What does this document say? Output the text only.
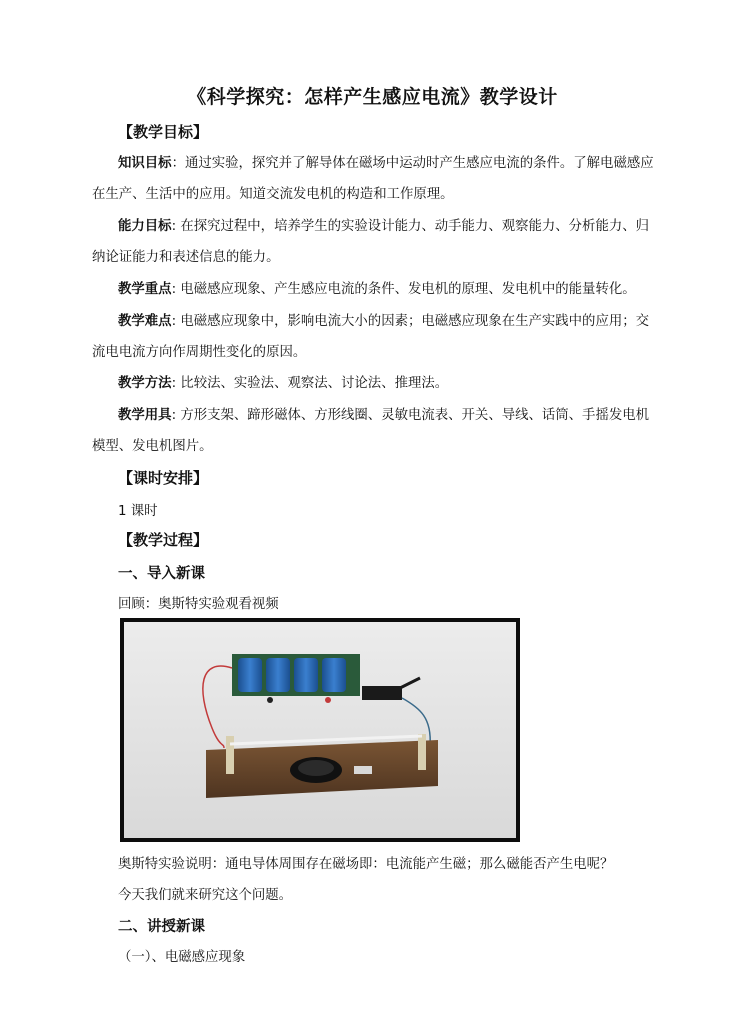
《科学探究：怎样产生感应电流》教学设计
【教学目标】
知识目标：通过实验，探究并了解导体在磁场中运动时产生感应电流的条件。了解电磁感应在生产、生活中的应用。知道交流发电机的构造和工作原理。
能力目标: 在探究过程中，培养学生的实验设计能力、动手能力、观察能力、分析能力、归纳论证能力和表述信息的能力。
教学重点: 电磁感应现象、产生感应电流的条件、发电机的原理、发电机中的能量转化。
教学难点: 电磁感应现象中，影响电流大小的因素；电磁感应现象在生产实践中的应用；交流电电流方向作周期性变化的原因。
教学方法: 比较法、实验法、观察法、讨论法、推理法。
教学用具: 方形支架、蹄形磁体、方形线圈、灵敏电流表、开关、导线、话筒、手摇发电机模型、发电机图片。
【课时安排】
1 课时
【教学过程】
一、导入新课
回顾：奥斯特实验观看视频
奥斯特实验说明：通电导体周围存在磁场即：电流能产生磁；那么磁能否产生电呢？
今天我们就来研究这个问题。
二、讲授新课
（一）、电磁感应现象
